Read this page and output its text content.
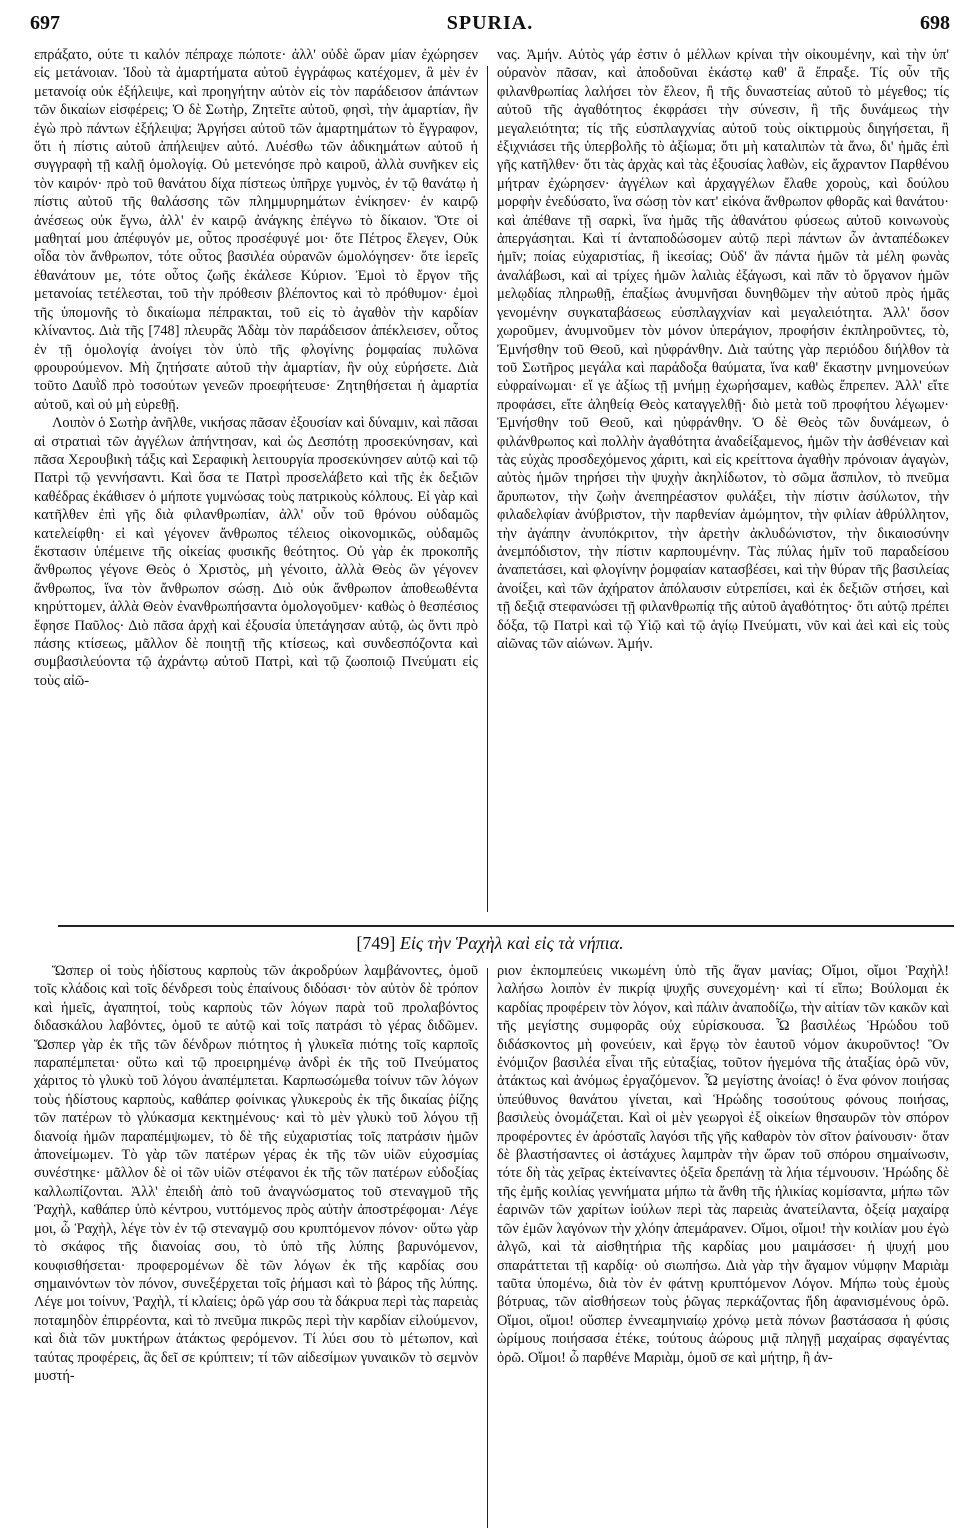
697	SPURIA.	698

επράξατο, ούτε τι καλόν πέπραχε πώποτε· ἀλλ' οὐδὲ ὥραν μίαν ἐχώρησεν εἰς μετάνοιαν. Ἰδοὺ τὰ ἁμαρτήματα αὐτοῦ ἐγγράφως κατέχομεν, ἃ μὲν ἐν μετανοίᾳ οὐκ ἐξήλειψε, καὶ προηγήτην αὐτὸν εἰς τὸν παράδεισον ἁπάντων τῶν δικαίων εἰσφέρεις; Ὁ δὲ Σωτὴρ, Ζητεῖτε αὐτοῦ, φησὶ, τὴν ἁμαρτίαν, ἣν ἐγὼ πρὸ πάντων ἐξήλειψα; Ἀργήσει αὐτοῦ τῶν ἁμαρτημάτων τὸ ἔγγραφον, ὅτι ἡ πίστις αὐτοῦ ἀπήλειψεν αὐτό. Λυέσθω τῶν ἀδικημάτων αὐτοῦ ἡ συγγραφὴ τῇ καλῇ ὁμολογίᾳ. Οὐ μετενόησε πρὸ καιροῦ, ἀλλὰ συνῆκεν εἰς τὸν καιρόν· πρὸ τοῦ θανάτου δίχα πίστεως ὑπῆρχε γυμνὸς, ἐν τῷ θανάτῳ ἡ πίστις αὐτοῦ τῆς θαλάσσης τῶν πλημμυρημάτων ἐνίκησεν· ἐν καιρῷ ἀνέσεως οὐκ ἔγνω, ἀλλ' ἐν καιρῷ ἀνάγκης ἐπέγνω τὸ δίκαιον. Ὅτε οἱ μαθηταί μου ἀπέφυγόν με, οὗτος προσέφυγέ μοι· ὅτε Πέτρος ἔλεγεν, Οὐκ οἶδα τὸν ἄνθρωπον, τότε οὗτος βασιλέα οὐρανῶν ὡμολόγησεν· ὅτε ἱερεῖς ἐθανάτουν με, τότε οὗτος ζωῆς ἐκάλεσε Κύριον. Ἐμοὶ τὸ ἔργον τῆς μετανοίας τετέλεσται, τοῦ τὴν πρόθεσιν βλέποντος καὶ τὸ πρόθυμον· ἐμοὶ τῆς ὑπομονῆς τὸ δικαίωμα πέπρακται, τοῦ εἰς τὸ ἀγαθὸν τὴν καρδίαν κλίναντος. Διὰ τῆς [748] πλευρᾶς Ἀδὰμ τὸν παράδεισον ἀπέκλεισεν, οὗτος ἐν τῇ ὁμολογίᾳ ἀνοίγει τὸν ὑπὸ τῆς φλογίνης ῥομφαίας πυλῶνα φρουρούμενον. Μὴ ζητήσατε αὐτοῦ τὴν ἁμαρτίαν, ἣν οὐχ εὑρήσετε. Διὰ τοῦτο Δαυῒδ πρὸ τοσούτων γενεῶν προεφήτευσε· Ζητηθήσεται ἡ ἁμαρτία αὐτοῦ, καὶ οὐ μὴ εὑρεθῇ.

Λοιπὸν ὁ Σωτὴρ ἀνῆλθε, νικήσας πᾶσαν ἐξουσίαν καὶ δύναμιν, καὶ πᾶσαι αἱ στρατιαὶ τῶν ἀγγέλων ἀπήντησαν, καὶ ὡς Δεσπότῃ προσεκύνησαν, καὶ πᾶσα Χερουβικὴ τάξις καὶ Σεραφικὴ λειτουργία προσεκύνησεν αὐτῷ καὶ τῷ Πατρὶ τῷ γεννήσαντι. Καὶ ὅσα τε Πατρὶ προσελάβετο καὶ τῆς ἐκ δεξιῶν καθέδρας ἐκάθισεν ὁ μήποτε γυμνώσας τοὺς πατρικοὺς κόλπους. Εἰ γὰρ καὶ κατῆλθεν ἐπὶ γῆς διὰ φιλανθρωπίαν, ἀλλ' οὖν τοῦ θρόνου οὐδαμῶς κατελείφθη· εἰ καὶ γέγονεν ἄνθρωπος τέλειος οἰκονομικῶς, οὐδαμῶς ἔκστασιν ὑπέμεινε τῆς οἰκείας φυσικῆς θεότητος. Οὐ γὰρ ἐκ προκοπῆς ἄνθρωπος γέγονε Θεὸς ὁ Χριστὸς, μὴ γένοιτο, ἀλλὰ Θεὸς ὢν γέγονεν ἄνθρωπος, ἵνα τὸν ἄνθρωπον σώσῃ. Διὸ οὐκ ἄνθρωπον ἀποθεωθέντα κηρύττομεν, ἀλλὰ Θεὸν ἐνανθρωπήσαντα ὁμολογοῦμεν· καθὼς ὁ θεσπέσιος ἔφησε Παῦλος· Διὸ πᾶσα ἀρχὴ καὶ ἐξουσία ὑπετάγησαν αὐτῷ, ὡς ὄντι πρὸ πάσης κτίσεως, μᾶλλον δὲ ποιητῇ τῆς κτίσεως, καὶ συνδεσπόζοντα καὶ συμβασιλεύοντα τῷ ἀχράντῳ αὐτοῦ Πατρὶ, καὶ τῷ ζωοποιῷ Πνεύματι εἰς τοὺς αἰῶ-

νας. Ἀμήν. Αὐτὸς γάρ ἐστιν ὁ μέλλων κρίναι τὴν οἰκουμένην, καὶ τὴν ὑπ' οὐρανὸν πᾶσαν, καὶ ἀποδοῦναι ἑκάστῳ καθ' ἃ ἔπραξε. Τίς οὖν τῆς φιλανθρωπίας λαλήσει τὸν ἔλεον, ἢ τῆς δυναστείας αὐτοῦ τὸ μέγεθος; τίς αὐτοῦ τῆς ἀγαθότητος ἐκφράσει τὴν σύνεσιν, ἢ τῆς δυνάμεως τὴν μεγαλειότητα; τίς τῆς εὐσπλαγχνίας αὐτοῦ τοὺς οἰκτιρμοὺς διηγήσεται, ἢ ἐξιχνιάσει τῆς ὑπερβολῆς τὸ ἀξίωμα; ὅτι μὴ καταλιπὼν τὰ ἄνω, δι' ἡμᾶς ἐπὶ γῆς κατῆλθεν· ὅτι τὰς ἀρχὰς καὶ τὰς ἐξουσίας λαθὼν, εἰς ἄχραντον Παρθένου μήτραν ἐχώρησεν· ἀγγέλων καὶ ἀρχαγγέλων ἔλαθε χοροὺς, καὶ δούλου μορφὴν ἐνεδύσατο, ἵνα σώσῃ τὸν κατ' εἰκόνα ἄνθρωπον φθορᾶς καὶ θανάτου· καὶ ἀπέθανε τῇ σαρκὶ, ἵνα ἡμᾶς τῆς ἀθανάτου φύσεως αὐτοῦ κοινωνοὺς ἀπεργάσηται. Καὶ τί ἀνταποδώσομεν αὐτῷ περὶ πάντων ὧν ἀνταπέδωκεν ἡμῖν; ποίας εὐχαριστίας, ἢ ἱκεσίας; Οὐδ' ἂν πάντα ἡμῶν τὰ μέλη φωνὰς ἀναλάβωσι, καὶ αἱ τρίχες ἡμῶν λαλιὰς ἐξάγωσι, καὶ πᾶν τὸ ὄργανον ἡμῶν μελῳδίας πληρωθῇ, ἐπαξίως ἀνυμνῆσαι δυνηθῶμεν τὴν αὐτοῦ πρὸς ἡμᾶς γενομένην συγκαταβάσεως εὐσπλαγχνίαν καὶ μεγαλειότητα. Ἀλλ' ὅσον χωροῦμεν, ἀνυμνοῦμεν τὸν μόνον ὑπεράγιον, προφήσιν ἐκπληροῦντες, τὸ, Ἐμνήσθην τοῦ Θεοῦ, καὶ ηὐφράνθην. Διὰ ταύτης γὰρ περιόδου διήλθον τὰ τοῦ Σωτῆρος μεγάλα καὶ παράδοξα θαύματα, ἵνα καθ' ἕκαστην μνημονεύων εὐφραίνωμαι· εἴ γε ἀξίως τῇ μνήμῃ ἐχωρήσαμεν, καθὼς ἔπρεπεν. Ἀλλ' εἴτε προφάσει, εἴτε ἀληθείᾳ Θεὸς καταγγελθῇ· διὸ μετὰ τοῦ προφήτου λέγωμεν· Ἐμνήσθην τοῦ Θεοῦ, καὶ ηὐφράνθην. Ὁ δὲ Θεὸς τῶν δυνάμεων, ὁ φιλάνθρωπος καὶ πολλὴν ἀγαθότητα ἀναδείξαμενος, ἡμῶν τὴν ἀσθένειαν καὶ τὰς εὐχὰς προσδεχόμενος χάριτι, καὶ εἰς κρείττονα ἀγαθὴν πρόνοιαν ἀγαγὼν, αὐτὸς ἡμῶν τηρήσει τὴν ψυχὴν ἀκηλίδωτον, τὸ σῶμα ἄσπιλον, τὸ πνεῦμα ἄρυπωτον, τὴν ζωὴν ἀνεπηρέαστον φυλάξει, τὴν πίστιν ἀσύλωτον, τὴν φιλαδελφίαν ἀνύβριστον, τὴν παρθενίαν ἀμώμητον, τὴν φιλίαν ἀθρύλλητον, τὴν ἀγάπην ἀνυπόκριτον, τὴν ἀρετὴν ἀκλυδώνιστον, τὴν δικαιοσύνην ἀνεμπόδιστον, τὴν πίστιν καρπουμένην. Τὰς πύλας ἡμῖν τοῦ παραδείσου ἀναπετάσει, καὶ φλογίνην ῥομφαίαν κατασβέσει, καὶ τὴν θύραν τῆς βασιλείας ἀνοίξει, καὶ τῶν ἀχήρατον ἀπόλαυσιν εὐτρεπίσει, καὶ ἐκ δεξιῶν στήσει, καὶ τῇ δεξιᾷ στεφανώσει τῇ φιλανθρωπίᾳ τῆς αὐτοῦ ἀγαθότητος· ὅτι αὐτῷ πρέπει δόξα, τῷ Πατρὶ καὶ τῷ Υἱῷ καὶ τῷ ἁγίῳ Πνεύματι, νῦν καὶ ἀεὶ καὶ εἰς τοὺς αἰῶνας τῶν αἰώνων. Ἀμήν.

[749] Εἰς τὴν Ῥαχὴλ καὶ εἰς τὰ νήπια.

Ὥσπερ οἱ τοὺς ἡδίστους καρποὺς τῶν ἀκροδρύων λαμβάνοντες, ὁμοῦ τοῖς κλάδοις καὶ τοῖς δένδρεσι τοὺς ἐπαίνους διδόασι· τὸν αὐτὸν δὲ τρόπον καὶ ἡμεῖς, ἀγαπητοί, τοὺς καρποὺς τῶν λόγων παρὰ τοῦ προλαβόντος διδασκάλου λαβόντες, ὁμοῦ τε αὐτῷ καὶ τοῖς πατράσι τὸ γέρας διδῶμεν. Ὥσπερ γὰρ ἐκ τῆς τῶν δένδρων πιότητος ἡ γλυκεῖα πιότης τοῖς καρποῖς παραπέμπεται· οὕτω καὶ τῷ προειρημένῳ ἀνδρὶ ἐκ τῆς τοῦ Πνεύματος χάριτος τὸ γλυκὺ τοῦ λόγου ἀναπέμπεται. Καρπωσώμεθα τοίνυν τῶν λόγων τοὺς ἡδίστους καρποὺς, καθάπερ φοίνικας γλυκεροὺς ἐκ τῆς δικαίας ῥίζης τῶν πατέρων τὸ γλύκασμα κεκτημένους· καὶ τὸ μὲν γλυκὺ τοῦ λόγου τῇ διανοίᾳ ἡμῶν παραπέμψωμεν, τὸ δὲ τῆς εὐχαριστίας τοῖς πατράσιν ἡμῶν ἀπονείμωμεν. Τὸ γὰρ τῶν πατέρων γέρας ἐκ τῆς τῶν υἱῶν εὐχοσμίας συνέστηκε· μᾶλλον δὲ οἱ τῶν υἱῶν στέφανοι ἐκ τῆς τῶν πατέρων εὐδοξίας καλλωπίζονται. Ἀλλ' ἐπειδὴ ἀπὸ τοῦ ἀναγνώσματος τοῦ στεναγμοῦ τῆς Ῥαχὴλ, καθάπερ ὑπὸ κέντρου, νυττόμενος πρὸς αὐτὴν ἀποστρέφομαι· Λέγε μοι, ὦ Ῥαχὴλ, λέγε τὸν ἐν τῷ στεναγμῷ σου κρυπτόμενον πόνον· οὕτω γὰρ τὸ σκάφος τῆς διανοίας σου, τὸ ὑπὸ τῆς λύπης βαρυνόμενον, κουφισθήσεται· προφερομένων δὲ τῶν λόγων ἐκ τῆς καρδίας σου σημαινόντων τὸν πόνον, συνεξέρχεται τοῖς ῥήμασι καὶ τὸ βάρος τῆς λύπης. Λέγε μοι τοίνυν, Ῥαχὴλ, τί κλαίεις; ὁρῶ γάρ σου τὰ δάκρυα περὶ τὰς παρειὰς ποταμηδὸν ἐπιρρέοντα, καὶ τὸ πνεῦμα πικρῶς περὶ τὴν καρδίαν εἰλούμενον, καὶ διὰ τῶν μυκτήρων ἀτάκτως φερόμενον. Τί λύει σου τὸ μέτωπον, καὶ ταύτας προφέρεις, ἃς δεῖ σε κρύπτειν; τί τῶν αἰδεσίμων γυναικῶν τὸ σεμνὸν μυστή-

ριον ἐκπομπεύεις νικωμένη ὑπὸ τῆς ἄγαν μανίας; Οἴμοι, οἴμοι Ῥαχὴλ! λαλήσω λοιπὸν ἐν πικρίᾳ ψυχῆς συνεχομένη· καὶ τί εἴπω; Βούλομαι ἐκ καρδίας προφέρειν τὸν λόγον, καὶ πάλιν ἀναποδίζω, τὴν αἰτίαν τῶν κακῶν καὶ τῆς μεγίστης συμφορᾶς οὐχ εὑρίσκουσα. Ὦ βασιλέως Ἡρώδου τοῦ διδάσκοντος μὴ φονεύειν, καὶ ἔργῳ τὸν ἑαυτοῦ νόμον ἀκυροῦντος! Ὃν ἐνόμιζον βασιλέα εἶναι τῆς εὐταξίας, τοῦτον ἡγεμόνα τῆς ἀταξίας ὁρῶ νῦν, ἀτάκτως καὶ ἀνόμως ἐργαζόμενον. Ὦ μεγίστης ἀνοίας! ὁ ἕνα φόνον ποιήσας ὑπεύθυνος θανάτου γίνεται, καὶ Ἡρώδης τοσούτους φόνους ποιήσας, βασιλεὺς ὀνομάζεται. Καὶ οἱ μὲν γεωργοὶ ἐξ οἰκείων θησαυρῶν τὸν σπόρον προφέροντες ἐν ἀρόσταῖς λαγόσι τῆς γῆς καθαρὸν τὸν σῖτον ῥαίνουσιν· ὅταν δὲ βλαστήσαντες οἱ ἀστάχυες λαμπρὰν τὴν ὥραν τοῦ σπόρου σημαίνωσιν, τότε δὴ τὰς χεῖρας ἐκτείναντες ὀξεῖα δρεπάνῃ τὰ λήια τέμνουσιν. Ἡρώδης δὲ τῆς ἐμῆς κοιλίας γεννήματα μήπω τὰ ἄνθη τῆς ἡλικίας κομίσαντα, μήπω τῶν ἐαρινῶν τῶν χαρίτων ἰούλων περὶ τὰς παρειὰς ἀνατείλαντα, ὀξείᾳ μαχαίρᾳ τῶν ἐμῶν λαγόνων τὴν χλόην ἀπεμάρανεν. Οἴμοι, οἴμοι! τὴν κοιλίαν μου ἐγὼ ἀλγῶ, καὶ τὰ αἰσθητήρια τῆς καρδίας μου μαιμάσσει· ἡ ψυχή μου σπαράττεται τῇ καρδίᾳ· οὐ σιωπήσω. Διὰ γὰρ τὴν ἄγαμον νύμφην Μαριὰμ ταῦτα ὑπομένω, διὰ τὸν ἐν φάτνῃ κρυπτόμενον Λόγον. Μήπω τοὺς ἐμοὺς βότρυας, τῶν αἰσθήσεων τοὺς ῥῶγας περκάζοντας ἤδη ἀφανισμένους ὁρῶ. Οἴμοι, οἴμοι! οὕσπερ ἐννεαμηνιαίῳ χρόνῳ μετὰ πόνων βαστάσασα ἡ φύσις ὡρίμους ποιήσασα ἐτέκε, τούτους ἀώρους μιᾷ πληγῇ μαχαίρας σφαγέντας ὁρῶ. Οἴμοι! ὦ παρθένε Μαριὰμ, ὁμοῦ σε καὶ μήτηρ, ἢ ἀν-
